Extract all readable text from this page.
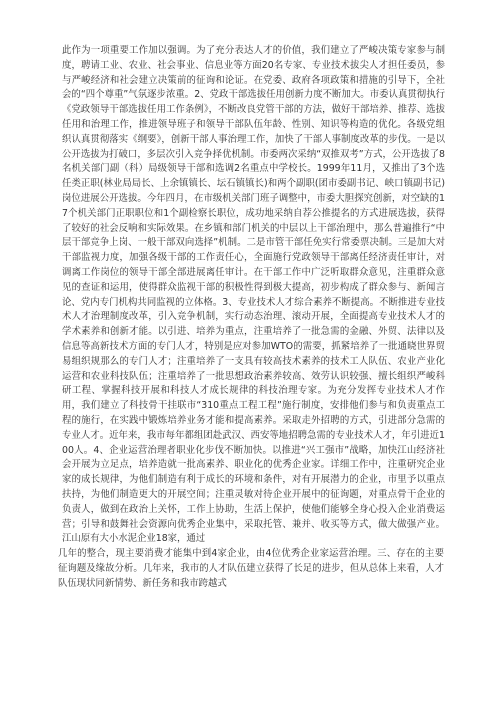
此作为一项重要工作加以强调。为了充分表达人才的价值，我们建立了严峻决策专家参与制度，聘请工业、农业、社会事业、信息业等方面20名专家、专业技术拔尖人才担任委员，参与严峻经济和社会建立决策前的征询和论证。在党委、政府各项政策和措施的引导下，全社会的“四个尊重”气氛逐步浓重。2、党政干部选拔任用创新力度不断加大。市委认真贯彻执行《党政领导干部选拔任用工作条例》，不断改良党管干部的方法，做好干部培养、推荐、选拔任用和治理工作，推进领导班子和领导干部队伍年龄、性别、知识等构造的优化。各级党组织认真贯彻落实《纲要》，创新干部人事治理工作，加快了干部人事制度改革的步伐。一是以公开选拔为打破口，多层次引入竞争择优机制。市委两次采纳“双推双考”方式，公开选拔了8名机关部门副（科）局级领导干部和选调2名重点中学校长。1999年11月，又推出了3个选任类正职(林业局局长、上余镇镇长、坛石镇镇长)和两个副职(团市委副书记、峡口镇副书记)岗位进展公开选拔。今年四月，在市级机关部门班子调整中，市委大胆探究创新，对空缺的17个机关部门正职职位和1个副检察长职位，成功地采纳自荐公推提名的方式进展选拔，获得了较好的社会反响和实际效果。在乡镇和部门机关的中层以上干部治理中，那么普遍推行“中层干部竞争上岗、一般干部双向选择”机制。二是市管干部任免实行常委票决制。三是加大对干部监视力度，加强各级干部的工作责任心，全面施行党政领导干部离任经济责任审计，对调离工作岗位的领导干部全部进展离任审计。在干部工作中广泛听取群众意见，注重群众意见的查证和运用，使得群众监视干部的积极性得到极大提高，初步构成了群众参与、新闻言论、党内专门机构共同监视的立体格。3、专业技术人才综合素养不断提高。不断推进专业技术人才治理制度改革，引入竞争机制，实行动态治理、滚动开展，全面提高专业技术人才的学术素养和创新才能。以引进、培养为重点，注重培养了一批急需的金融、外贸、法律以及信息等高新技术方面的专门人才，特别是应对参加WTO的需要，抓紧培养了一批通晓世界贸易组织规那么的专门人才；注重培养了一支具有较高技术素养的技术工人队伍、农业产业化运营和农业科技队伍；注重培养了一批思想政治素养较高、效劳认识较强、擅长组织严峻科研工程、掌握科技开展和科技人才成长规律的科技治理专家。为充分发挥专业技术人才作用，我们建立了科技骨干挂联市“310重点工程工程”施行制度，安排他们参与和负责重点工程的施行，在实践中锻炼培养业务才能和提高素养。采取走外招聘的方式，引进部分急需的专业人才。近年来，我市每年都组团赴武汉、西安等地招聘急需的专业技术人才，年引进近100人。4、企业运营治理者职业化步伐不断加快。以推进“兴工强市”战略，加快江山经济社会开展为立足点，培养造就一批高素养、职业化的优秀企业家。详细工作中，注重研究企业家的成长规律，为他们制造有利于成长的环境和条件，对有开展潜力的企业，市里予以重点扶持，为他们制造更大的开展空间；注重灵敏对待企业开展中的征询题，对重点骨干企业的负责人，做到在政治上关怀，工作上协助，生活上保护，使他们能够全身心投入企业消费运营；引导和鼓舞社会资源向优秀企业集中，采取托管、兼并、收买等方式，做大做强产业。江山原有大小水泥企业18家，通过

几年的整合，现主要消费才能集中到4家企业，由4位优秀企业家运营治理。三、存在的主要征询题及缘故分析。几年来，我市的人才队伍建立获得了长足的进步，但从总体上来看，人才队伍现状同新情势、新任务和我市跨越式
